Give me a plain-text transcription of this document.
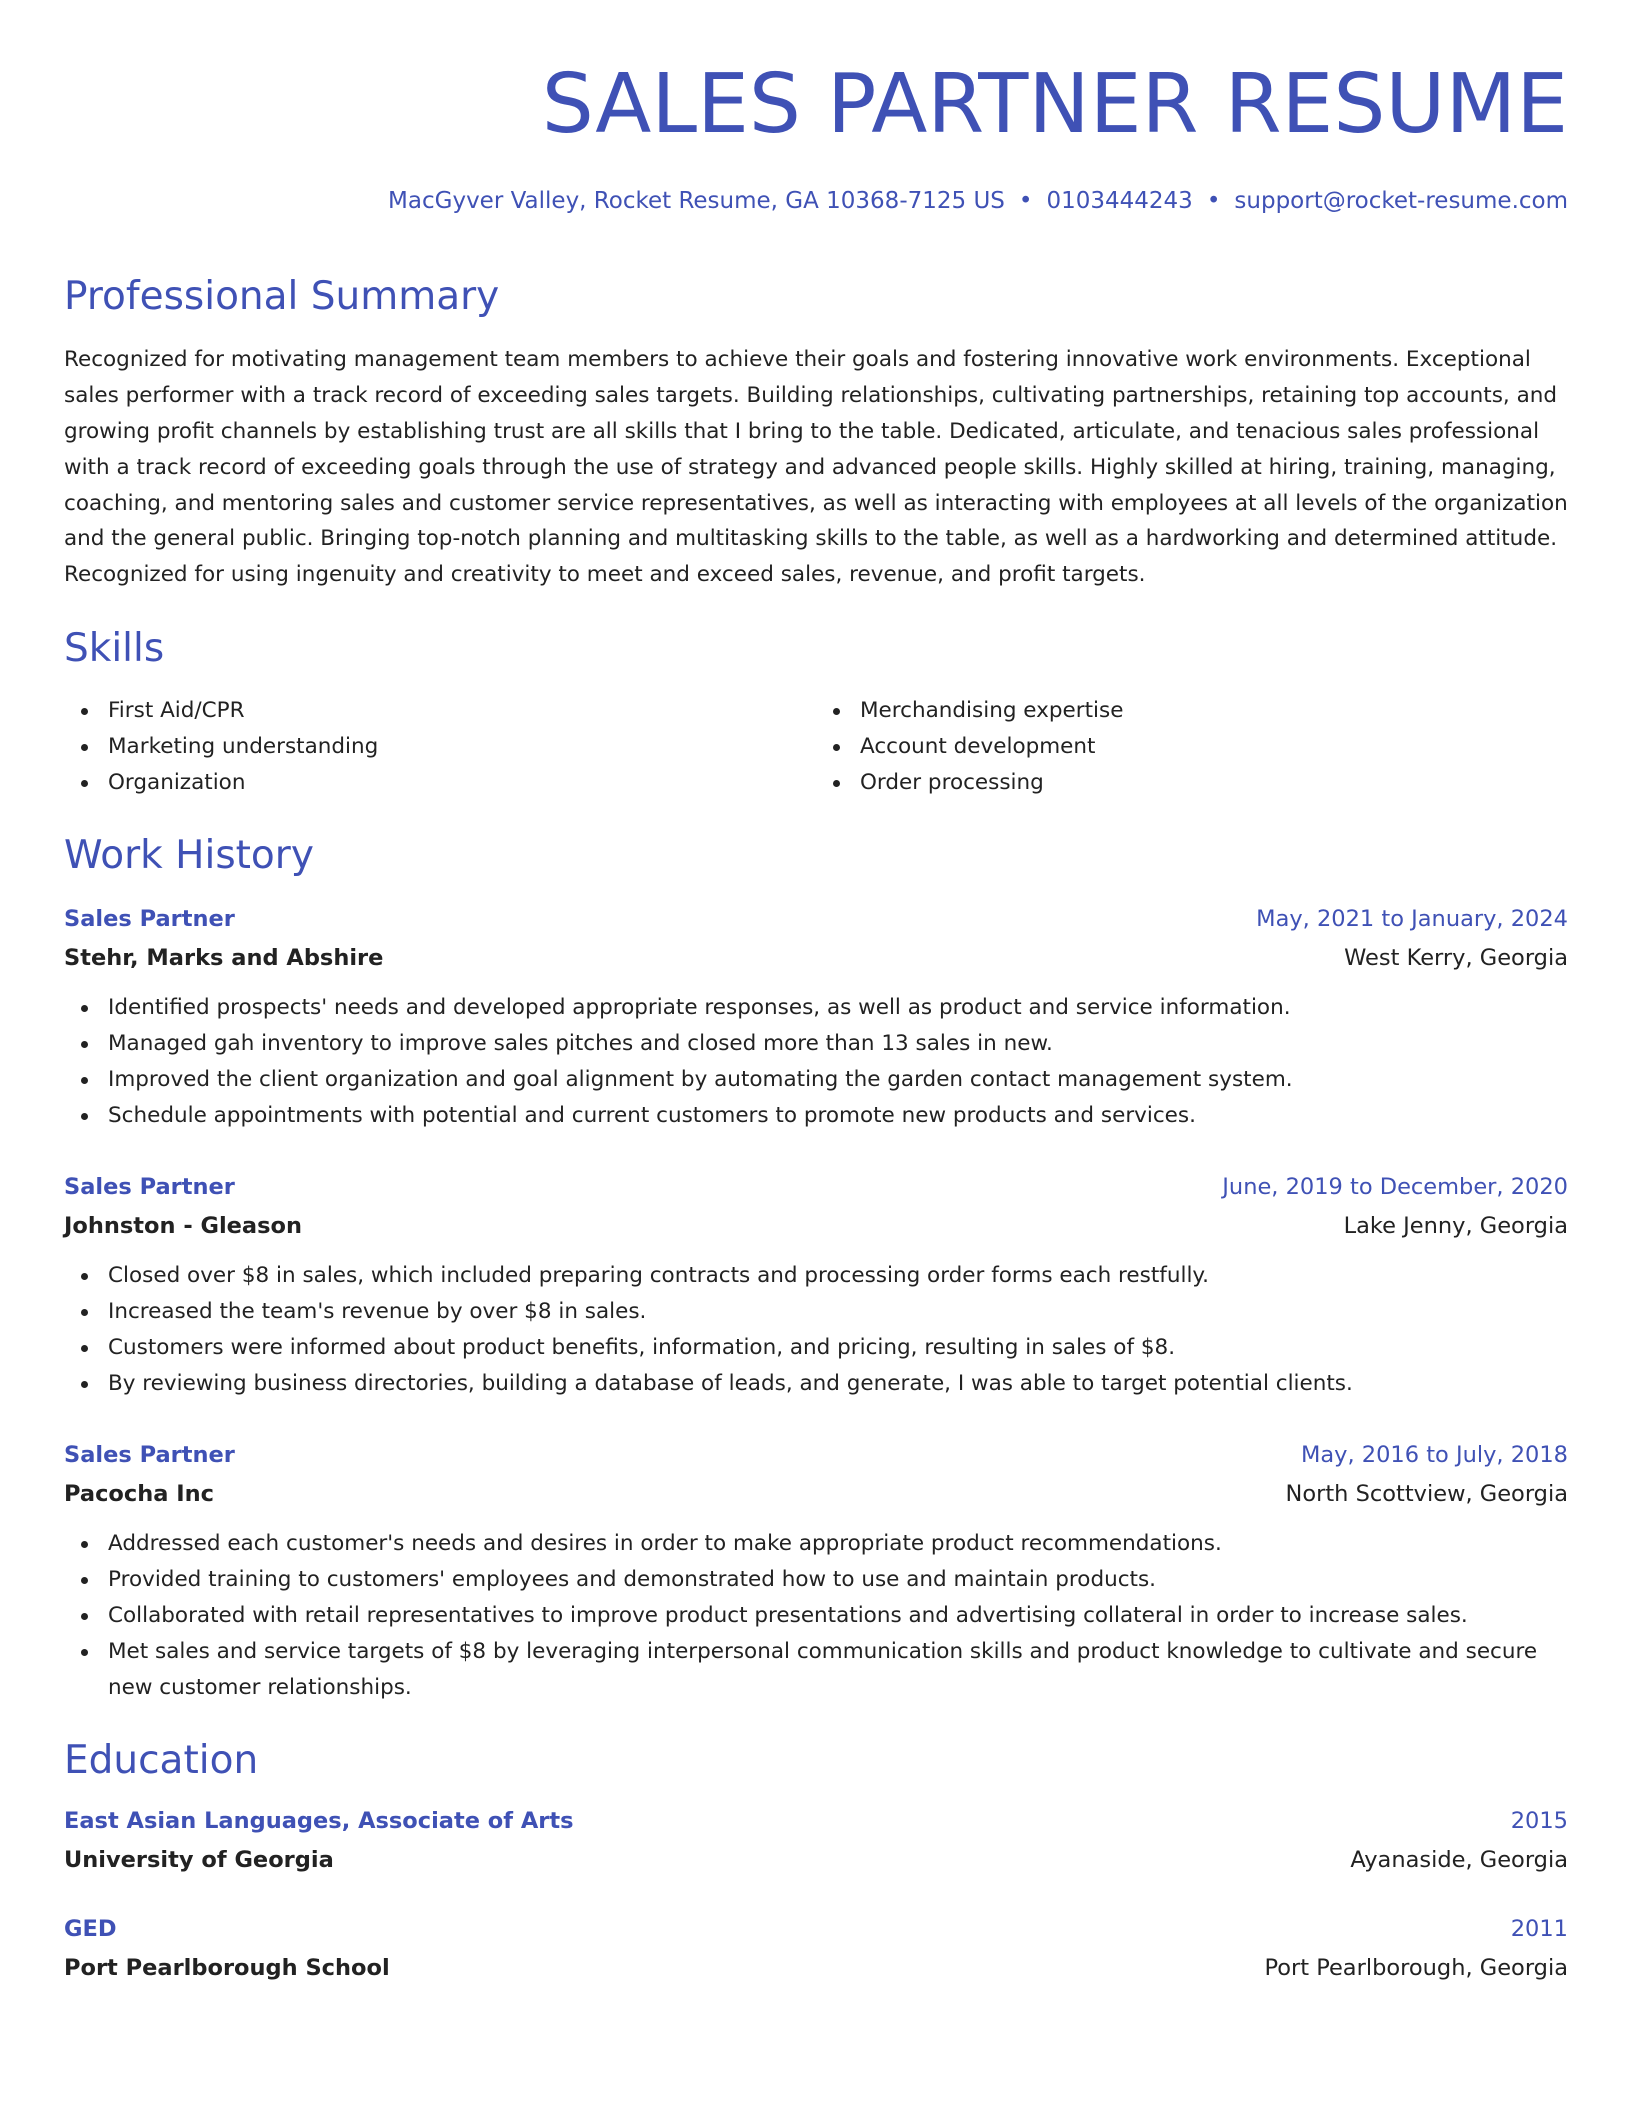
SALES PARTNER RESUME
MacGyver Valley, Rocket Resume, GA 10368-7125 US • 0103444243 • support@rocket-resume.com
Professional Summary
Recognized for motivating management team members to achieve their goals and fostering innovative work environments. Exceptional sales performer with a track record of exceeding sales targets. Building relationships, cultivating partnerships, retaining top accounts, and growing profit channels by establishing trust are all skills that I bring to the table. Dedicated, articulate, and tenacious sales professional with a track record of exceeding goals through the use of strategy and advanced people skills. Highly skilled at hiring, training, managing, coaching, and mentoring sales and customer service representatives, as well as interacting with employees at all levels of the organization and the general public. Bringing top-notch planning and multitasking skills to the table, as well as a hardworking and determined attitude. Recognized for using ingenuity and creativity to meet and exceed sales, revenue, and profit targets.
Skills
First Aid/CPR
Marketing understanding
Organization
Merchandising expertise
Account development
Order processing
Work History
Sales Partner	May, 2021 to January, 2024
Stehr, Marks and Abshire	West Kerry, Georgia
Identified prospects' needs and developed appropriate responses, as well as product and service information.
Managed gah inventory to improve sales pitches and closed more than 13 sales in new.
Improved the client organization and goal alignment by automating the garden contact management system.
Schedule appointments with potential and current customers to promote new products and services.
Sales Partner	June, 2019 to December, 2020
Johnston - Gleason	Lake Jenny, Georgia
Closed over $8 in sales, which included preparing contracts and processing order forms each restfully.
Increased the team's revenue by over $8 in sales.
Customers were informed about product benefits, information, and pricing, resulting in sales of $8.
By reviewing business directories, building a database of leads, and generate, I was able to target potential clients.
Sales Partner	May, 2016 to July, 2018
Pacocha Inc	North Scottview, Georgia
Addressed each customer's needs and desires in order to make appropriate product recommendations.
Provided training to customers' employees and demonstrated how to use and maintain products.
Collaborated with retail representatives to improve product presentations and advertising collateral in order to increase sales.
Met sales and service targets of $8 by leveraging interpersonal communication skills and product knowledge to cultivate and secure new customer relationships.
Education
East Asian Languages, Associate of Arts	2015
University of Georgia	Ayanaside, Georgia
GED	2011
Port Pearlborough School	Port Pearlborough, Georgia
